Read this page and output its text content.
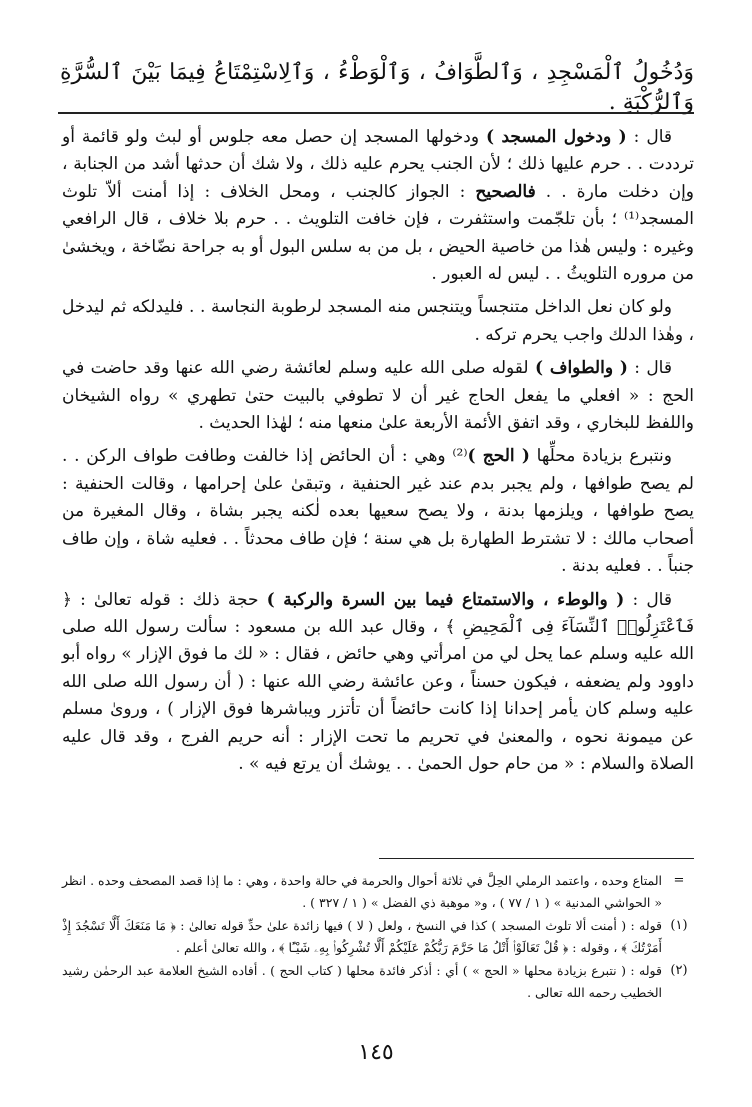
وَدُخُولُ ٱلْمَسْجِدِ ، وَٱلطَّوَافُ ، وَٱلْوَطْءُ ، وَٱلِاسْتِمْتَاعُ فِيمَا بَيْنَ ٱلسُّرَّةِ وَٱلرُّكْبَةِ .

قال : ( ودخول المسجد ) ودخولها المسجد إن حصل معه جلوس أو لبث ولو قائمة أو ترددت . . حرم عليها ذلك ؛ لأن الجنب يحرم عليه ذلك ، ولا شك أن حدثها أشد من الجنابة ، وإن دخلت مارة . . فالصحيح : الجواز كالجنب ، ومحل الخلاف : إذا أمنت ألاّ تلوث المسجد⁽¹⁾ ؛ بأن تلجّمت واستثفرت ، فإن خافت التلويث . . حرم بلا خلاف ، قال الرافعي وغيره : وليس هٰذا من خاصية الحيض ، بل من به سلس البول أو به جراحة نضّاخة ، ويخشىٰ من مروره التلويثُ . . ليس له العبور .

ولو كان نعل الداخل متنجساً ويتنجس منه المسجد لرطوبة النجاسة . . فليدلكه ثم ليدخل ، وهٰذا الدلك واجب يحرم تركه .

قال : ( والطواف ) لقوله صلى الله عليه وسلم لعائشة رضي الله عنها وقد حاضت في الحج : « افعلي ما يفعل الحاج غير أن لا تطوفي بالبيت حتىٰ تطهري » رواه الشيخان واللفظ للبخاري ، وقد اتفق الأئمة الأربعة علىٰ منعها منه ؛ لهٰذا الحديث .

ونتبرع بزيادة محلِّها ( الحج )⁽²⁾ وهي : أن الحائض إذا خالفت وطافت طواف الركن . . لم يصح طوافها ، ولم يجبر بدم عند غير الحنفية ، وتبقىٰ علىٰ إحرامها ، وقالت الحنفية : يصح طوافها ، ويلزمها بدنة ، ولا يصح سعيها بعده لٰكنه يجبر بشاة ، وقال المغيرة من أصحاب مالك : لا تشترط الطهارة بل هي سنة ؛ فإن طاف محدثاً . . فعليه شاة ، وإن طاف جنباً . . فعليه بدنة .

قال : ( والوطء ، والاستمتاع فيما بين السرة والركبة ) حجة ذلك : قوله تعالىٰ : ﴿ فَٱعْتَزِلُوا۟ ٱلنِّسَآءَ فِى ٱلْمَحِيضِ ﴾ ، وقال عبد الله بن مسعود : سألت رسول الله صلى الله عليه وسلم عما يحل لي من امرأتي وهي حائض ، فقال : « لك ما فوق الإزار » رواه أبو داوود ولم يضعفه ، فيكون حسناً ، وعن عائشة رضي الله عنها : ( أن رسول الله صلى الله عليه وسلم كان يأمر إحدانا إذا كانت حائضاً أن تأتزر ويباشرها فوق الإزار ) ، وروىٰ مسلم عن ميمونة نحوه ، والمعنىٰ في تحريم ما تحت الإزار : أنه حريم الفرج ، وقد قال عليه الصلاة والسلام : « من حام حول الحمىٰ . . يوشك أن يرتع فيه » .

=
المتاع وحده ، واعتمد الرملي الحِلَّ في ثلاثة أحوال والحرمة في حالة واحدة ، وهي : ما إذا قصد المصحف وحده . انظر « الحواشي المدنية » ( ١ / ٧٧ ) ، و« موهبة ذي الفضل » ( ١ / ٣٢٧ ) .
(١)
قوله : ( أمنت ألا تلوث المسجد ) كذا في النسخ ، ولعل ( لا ) فيها زائدة علىٰ حدِّ قوله تعالىٰ : ﴿ مَا مَنَعَكَ أَلَّا تَسْجُدَ إِذْ أَمَرْتُكَ ﴾ ، وقوله : ﴿ قُلْ تَعَالَوْا۟ أَتْلُ مَا حَرَّمَ رَبُّكُمْ عَلَيْكُمْ أَلَّا تُشْرِكُوا۟ بِهِۦ شَيْـًٔا ﴾ ، والله تعالىٰ أعلم .
(٢)
قوله : ( نتبرع بزيادة محلها « الحج » ) أي : أذكر فائدة محلها ( كتاب الحج ) . أفاده الشيخ العلامة عبد الرحمٰن رشيد الخطيب رحمه الله تعالى .
١٤٥
